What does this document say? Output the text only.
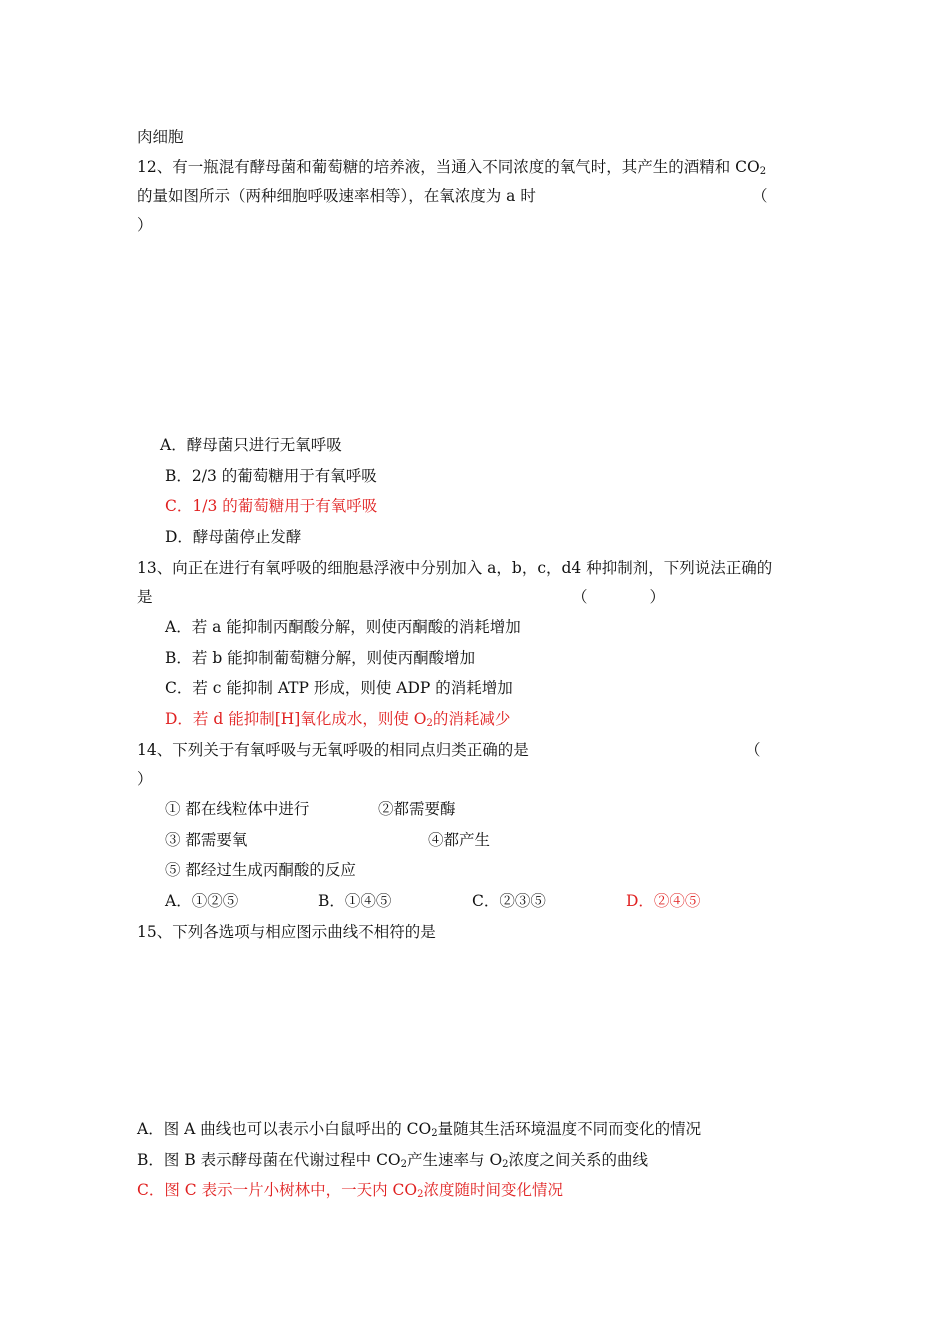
肉细胞
12、有一瓶混有酵母菌和葡萄糖的培养液，当通入不同浓度的氧气时，其产生的酒精和 $CO_2$
的量如图所示（两种细胞呼吸速率相等），在氧浓度为 a 时	（
）
A．酵母菌只进行无氧呼吸
B．2/3 的葡萄糖用于有氧呼吸
C．1/3 的葡萄糖用于有氧呼吸
D．酵母菌停止发酵
13、向正在进行有氧呼吸的细胞悬浮液中分别加入 a，b，c，d4 种抑制剂，下列说法正确的
是	（　　　　）
A．若 a 能抑制丙酮酸分解，则使丙酮酸的消耗增加
B．若 b 能抑制葡萄糖分解，则使丙酮酸增加
C．若 c 能抑制 ATP 形成，则使 ADP 的消耗增加
D．若 d 能抑制[H]氧化成水，则使 $O_2$的消耗减少
14、下列关于有氧呼吸与无氧呼吸的相同点归类正确的是	（
）
① 都在线粒体中进行	②都需要酶
③ 都需要氧	④都产生
⑤ 都经过生成丙酮酸的反应
A．①②⑤	B．①④⑤	C．②③⑤	D．②④⑤
15、下列各选项与相应图示曲线不相符的是
A．图 A 曲线也可以表示小白鼠呼出的 $CO_2$量随其生活环境温度不同而变化的情况
B．图 B 表示酵母菌在代谢过程中 $CO_2$产生速率与 $O_2$浓度之间关系的曲线
C．图 C 表示一片小树林中，一天内 $CO_2$浓度随时间变化情况
